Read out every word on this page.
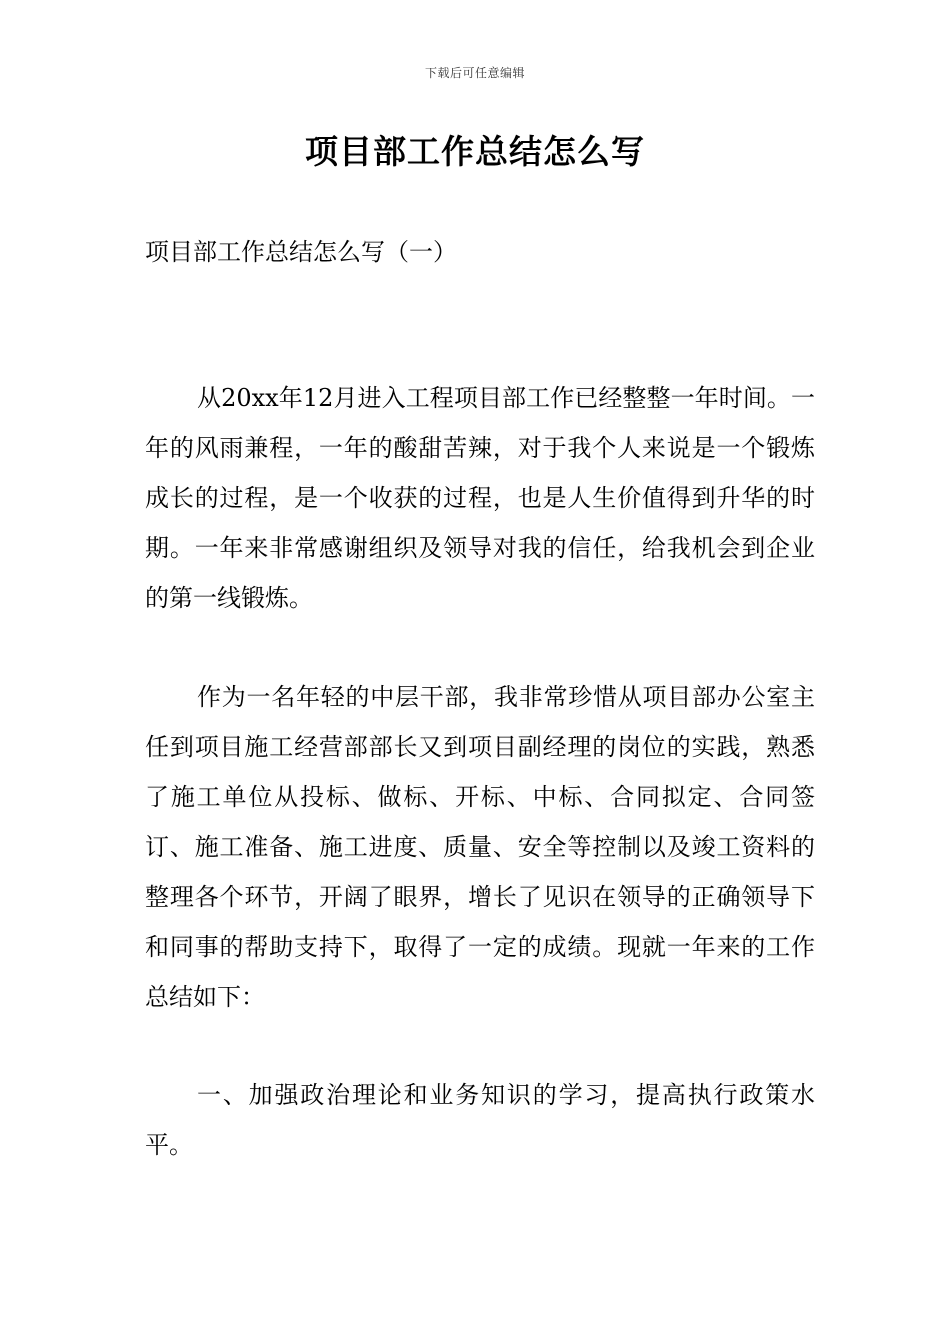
下载后可任意编辑
项目部工作总结怎么写
项目部工作总结怎么写（一）

从20xx年12月进入工程项目部工作已经整整一年时间。一年的风雨兼程，一年的酸甜苦辣，对于我个人来说是一个锻炼成长的过程，是一个收获的过程，也是人生价值得到升华的时期。一年来非常感谢组织及领导对我的信任，给我机会到企业的第一线锻炼。

作为一名年轻的中层干部，我非常珍惜从项目部办公室主任到项目施工经营部部长又到项目副经理的岗位的实践，熟悉了施工单位从投标、做标、开标、中标、合同拟定、合同签订、施工准备、施工进度、质量、安全等控制以及竣工资料的整理各个环节，开阔了眼界，增长了见识在领导的正确领导下和同事的帮助支持下，取得了一定的成绩。现就一年来的工作总结如下：

一、加强政治理论和业务知识的学习，提高执行政策水平。
